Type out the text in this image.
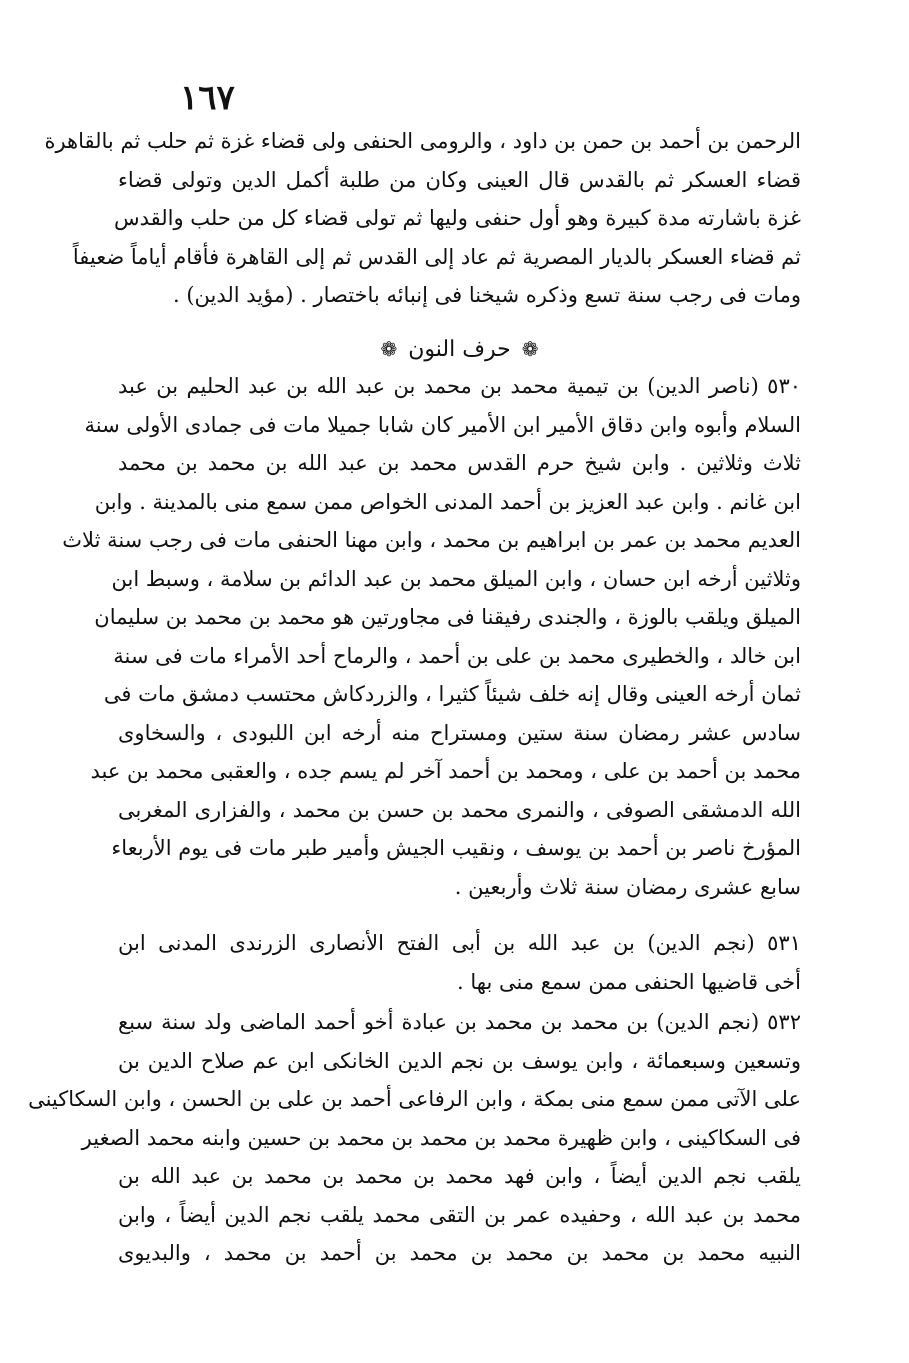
١٦٧
الرحمن بن أحمد بن حمن بن داود ، والرومى الحنفى ولى قضاء غزة ثم حلب ثم بالقاهرة
قضاء العسكر ثم بالقدس قال العينى وكان من طلبة أكمل الدين وتولى قضاء
غزة باشارته مدة كبيرة وهو أول حنفى وليها ثم تولى قضاء كل من حلب والقدس
ثم قضاء العسكر بالديار المصرية ثم عاد إلى القدس ثم إلى القاهرة فأقام أياماً ضعيفاً
ومات فى رجب سنة تسع وذكره شيخنا فى إنبائه باختصار . (مؤيد الدين) .
❁ حرف النون ❁
٥٣٠ (ناصر الدين) بن تيمية محمد بن محمد بن عبد الله بن عبد الحليم بن عبد
السلام وأبوه وابن دقاق الأمير ابن الأمير كان شابا جميلا مات فى جمادى الأولى سنة
ثلاث وثلاثين . وابن شيخ حرم القدس محمد بن عبد الله بن محمد بن محمد
ابن غانم . وابن عبد العزيز بن أحمد المدنى الخواص ممن سمع منى بالمدينة . وابن
العديم محمد بن عمر بن ابراهيم بن محمد ، وابن مهنا الحنفى مات فى رجب سنة ثلاث
وثلاثين أرخه ابن حسان ، وابن الميلق محمد بن عبد الدائم بن سلامة ، وسبط ابن
الميلق ويلقب بالوزة ، والجندى رفيقنا فى مجاورتين هو محمد بن محمد بن سليمان
ابن خالد ، والخطيرى محمد بن على بن أحمد ، والرماح أحد الأمراء مات فى سنة
ثمان أرخه العينى وقال إنه خلف شيئاً كثيرا ، والزردكاش محتسب دمشق مات فى
سادس عشر رمضان سنة ستين ومستراح منه أرخه ابن اللبودى ، والسخاوى
محمد بن أحمد بن على ، ومحمد بن أحمد آخر لم يسم جده ، والعقبى محمد بن عبد
الله الدمشقى الصوفى ، والنمرى محمد بن حسن بن محمد ، والفزارى المغربى
المؤرخ ناصر بن أحمد بن يوسف ، ونقيب الجيش وأمير طبر مات فى يوم الأربعاء
سابع عشرى رمضان سنة ثلاث وأربعين .
٥٣١ (نجم الدين) بن عبد الله بن أبى الفتح الأنصارى الزرندى المدنى ابن
أخى قاضيها الحنفى ممن سمع منى بها .
٥٣٢ (نجم الدين) بن محمد بن محمد بن عبادة أخو أحمد الماضى ولد سنة سبع
وتسعين وسبعمائة ، وابن يوسف بن نجم الدين الخانكى ابن عم صلاح الدين بن
على الآتى ممن سمع منى بمكة ، وابن الرفاعى أحمد بن على بن الحسن ، وابن السكاكينى
فى السكاكينى ، وابن ظهيرة محمد بن محمد بن محمد بن حسين وابنه محمد الصغير
يلقب نجم الدين أيضاً ، وابن فهد محمد بن محمد بن محمد بن عبد الله بن
محمد بن عبد الله ، وحفيده عمر بن التقى محمد يلقب نجم الدين أيضاً ، وابن
النبيه محمد بن محمد بن محمد بن محمد بن أحمد بن محمد ، والبديوى
